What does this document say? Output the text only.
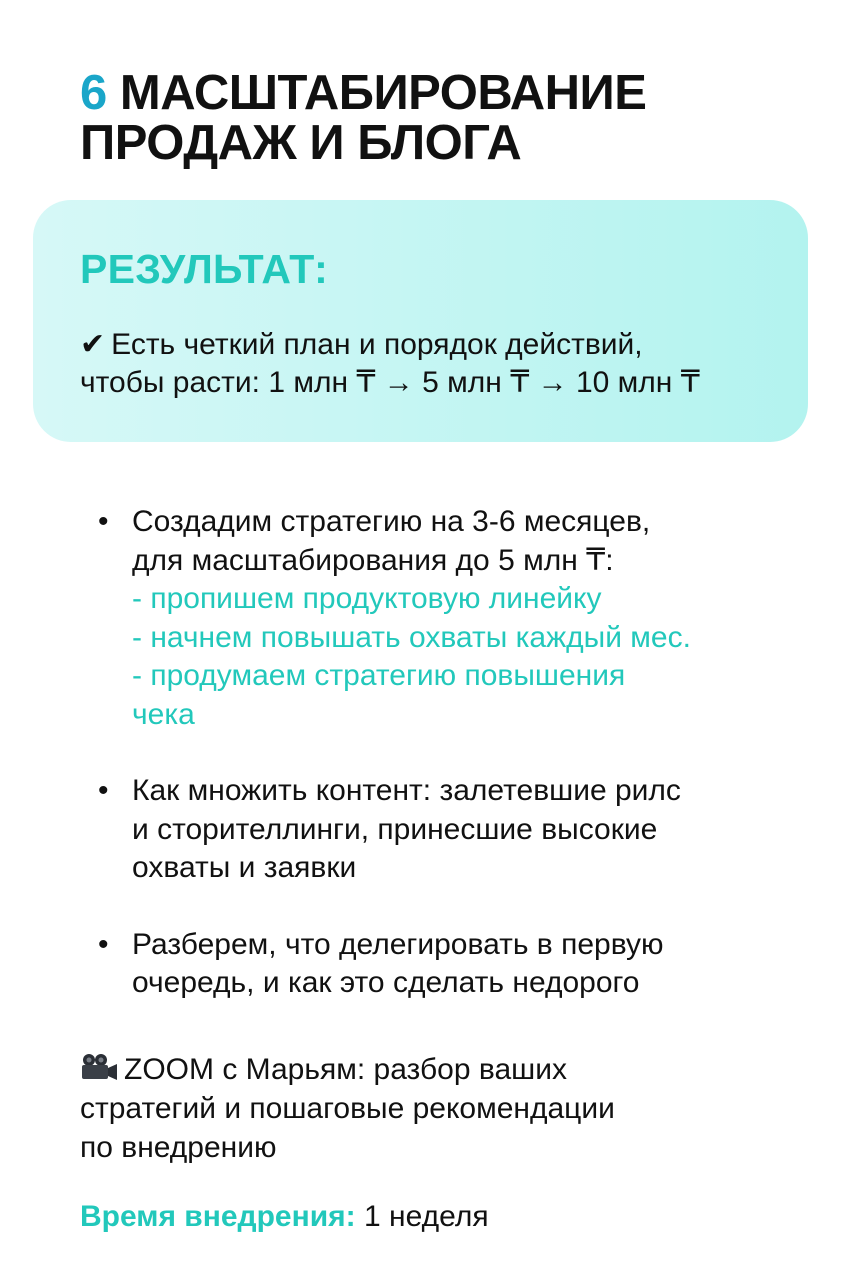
6 МАСШТАБИРОВАНИЕ
ПРОДАЖ И БЛОГА
РЕЗУЛЬТАТ:

✔ Есть четкий план и порядок действий,
чтобы расти: 1 млн ₸ → 5 млн ₸ → 10 млн ₸

• Создадим стратегию на 3-6 месяцев,
для масштабирования до 5 млн ₸:
- пропишем продуктовую линейку
- начнем повышать охваты каждый мес.
- продумаем стратегию повышения
чека
• Как множить контент: залетевшие рилс
и сторителлинги, принесшие высокие
охваты и заявки
• Разберем, что делегировать в первую
очередь, и как это сделать недорого

ZOOM с Марьям: разбор ваших
стратегий и пошаговые рекомендации
по внедрению

Время внедрения: 1 неделя
